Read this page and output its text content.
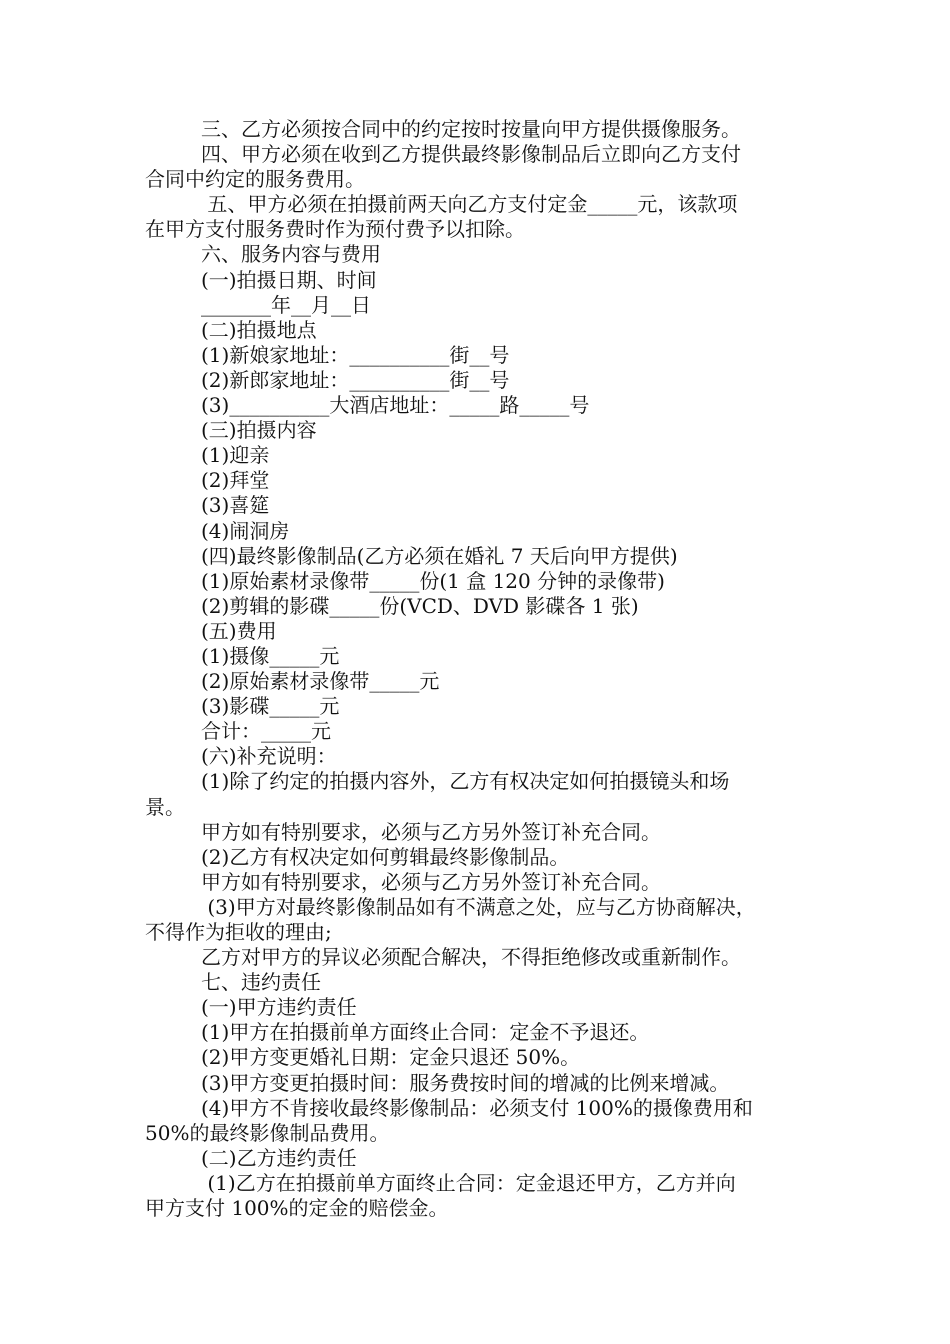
三、乙方必须按合同中的约定按时按量向甲方提供摄像服务。

四、甲方必须在收到乙方提供最终影像制品后立即向乙方支付

合同中约定的服务费用。

五、甲方必须在拍摄前两天向乙方支付定金_____元，该款项

在甲方支付服务费时作为预付费予以扣除。

六、服务内容与费用

(一)拍摄日期、时间

_______年__月__日

(二)拍摄地点

(1)新娘家地址：__________街__号

(2)新郎家地址：__________街__号

(3)__________大酒店地址：_____路_____号

(三)拍摄内容

(1)迎亲

(2)拜堂

(3)喜筵

(4)闹洞房

(四)最终影像制品(乙方必须在婚礼 7 天后向甲方提供)

(1)原始素材录像带_____份(1 盒 120 分钟的录像带)

(2)剪辑的影碟_____份(VCD、DVD 影碟各 1 张)

(五)费用

(1)摄像_____元

(2)原始素材录像带_____元

(3)影碟_____元

合计：_____元

(六)补充说明：

(1)除了约定的拍摄内容外，乙方有权决定如何拍摄镜头和场

景。

甲方如有特别要求，必须与乙方另外签订补充合同。

(2)乙方有权决定如何剪辑最终影像制品。

甲方如有特别要求，必须与乙方另外签订补充合同。

(3)甲方对最终影像制品如有不满意之处，应与乙方协商解决，

不得作为拒收的理由;

乙方对甲方的异议必须配合解决，不得拒绝修改或重新制作。

七、违约责任

(一)甲方违约责任

(1)甲方在拍摄前单方面终止合同：定金不予退还。

(2)甲方变更婚礼日期：定金只退还 50%。

(3)甲方变更拍摄时间：服务费按时间的增减的比例来增减。

(4)甲方不肯接收最终影像制品：必须支付 100%的摄像费用和

50%的最终影像制品费用。

(二)乙方违约责任

(1)乙方在拍摄前单方面终止合同：定金退还甲方，乙方并向

甲方支付 100%的定金的赔偿金。
